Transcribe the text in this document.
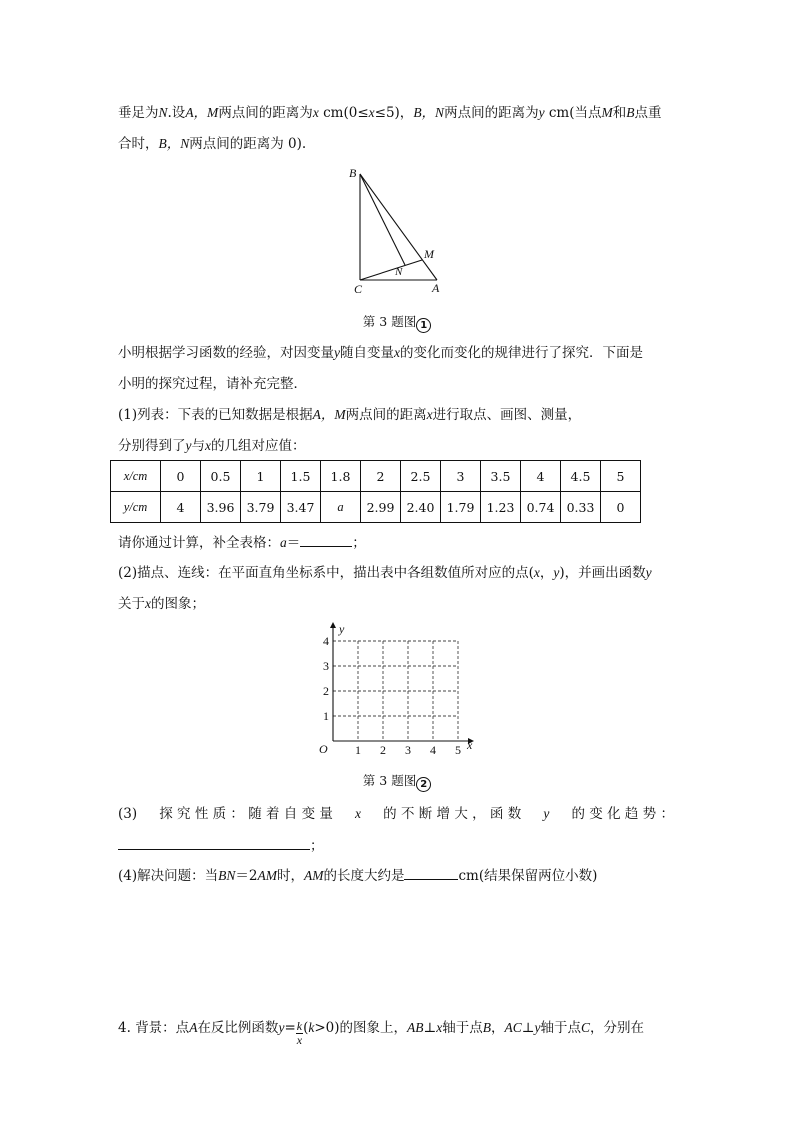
垂足为N.设A，M两点间的距离为x cm(0≤x≤5)，B，N两点间的距离为y cm(当点M和B点重
合时，B，N两点间的距离为 0).
B
C	A
M
N
第 3 题图 1
小明根据学习函数的经验，对因变量y随自变量x的变化而变化的规律进行了探究．下面是
小明的探究过程，请补充完整．
(1)列表：下表的已知数据是根据A，M两点间的距离x进行取点、画图、测量，
分别得到了y与x的几组对应值：
x/cm	0	0.5	1	1.5	1.8	2	2.5	3	3.5	4	4.5	5
y/cm	4	3.96	3.79	3.47	a	2.99	2.40	1.79	1.23	0.74	0.33	0
请你通过计算，补全表格：a＝	；
(2)描点、连线：在平面直角坐标系中，描出表中各组数值所对应的点(x，y)，并画出函数y
关于x的图象；
1 2 3 4 5
1
2
3
4
O	x
y
第 3 题图 2
(3) 探 究 性 质 ： 随 着 自 变 量 x 的 不 断 增 大 ， 函 数 y 的 变 化 趋 势 ：
；
(4)解决问题：当BN＝2AM时，AM的长度大约是	cm(结果保留两位小数)
4. 背景：点A在反比例函数$y= \frac{k}{x} (k>0)$的图象上，AB⊥x轴于点B，AC⊥y轴于点C，分别在
